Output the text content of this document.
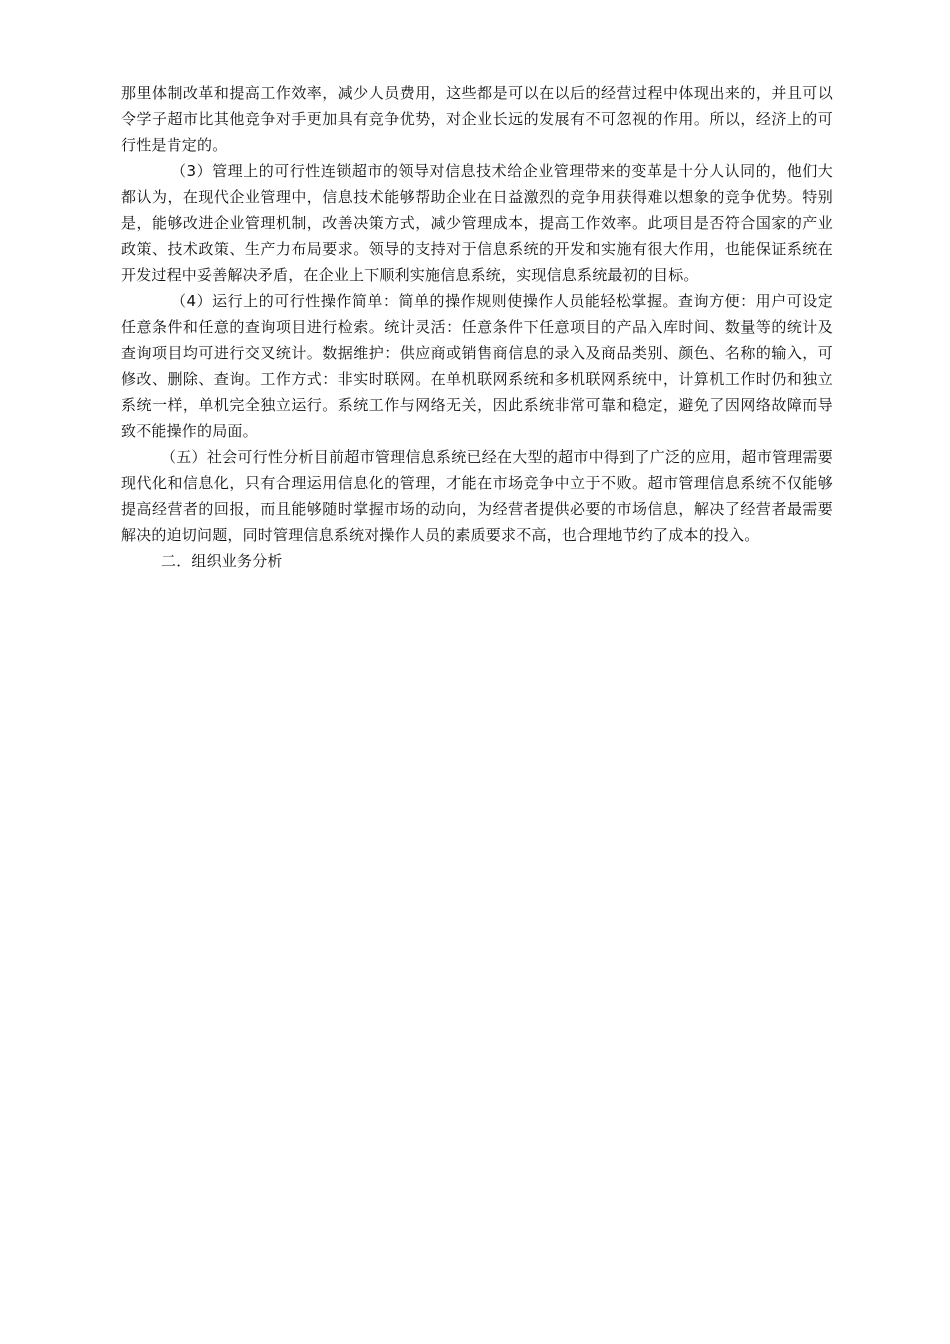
那里体制改革和提高工作效率，减少人员费用，这些都是可以在以后的经营过程中体现出来的，并且可以令学子超市比其他竞争对手更加具有竞争优势，对企业长远的发展有不可忽视的作用。所以，经济上的可行性是肯定的。

（3）管理上的可行性连锁超市的领导对信息技术给企业管理带来的变革是十分人认同的，他们大都认为，在现代企业管理中，信息技术能够帮助企业在日益激烈的竞争用获得难以想象的竞争优势。特别是，能够改进企业管理机制，改善决策方式，减少管理成本，提高工作效率。此项目是否符合国家的产业政策、技术政策、生产力布局要求。领导的支持对于信息系统的开发和实施有很大作用，也能保证系统在开发过程中妥善解决矛盾，在企业上下顺利实施信息系统，实现信息系统最初的目标。

（4）运行上的可行性操作简单：简单的操作规则使操作人员能轻松掌握。查询方便：用户可设定任意条件和任意的查询项目进行检索。统计灵活：任意条件下任意项目的产品入库时间、数量等的统计及查询项目均可进行交叉统计。数据维护：供应商或销售商信息的录入及商品类别、颜色、名称的输入，可修改、删除、查询。工作方式：非实时联网。在单机联网系统和多机联网系统中，计算机工作时仍和独立系统一样，单机完全独立运行。系统工作与网络无关，因此系统非常可靠和稳定，避免了因网络故障而导致不能操作的局面。

（五）社会可行性分析目前超市管理信息系统已经在大型的超市中得到了广泛的应用，超市管理需要现代化和信息化，只有合理运用信息化的管理，才能在市场竞争中立于不败。超市管理信息系统不仅能够提高经营者的回报，而且能够随时掌握市场的动向，为经营者提供必要的市场信息，解决了经营者最需要解决的迫切问题，同时管理信息系统对操作人员的素质要求不高，也合理地节约了成本的投入。

二．组织业务分析
